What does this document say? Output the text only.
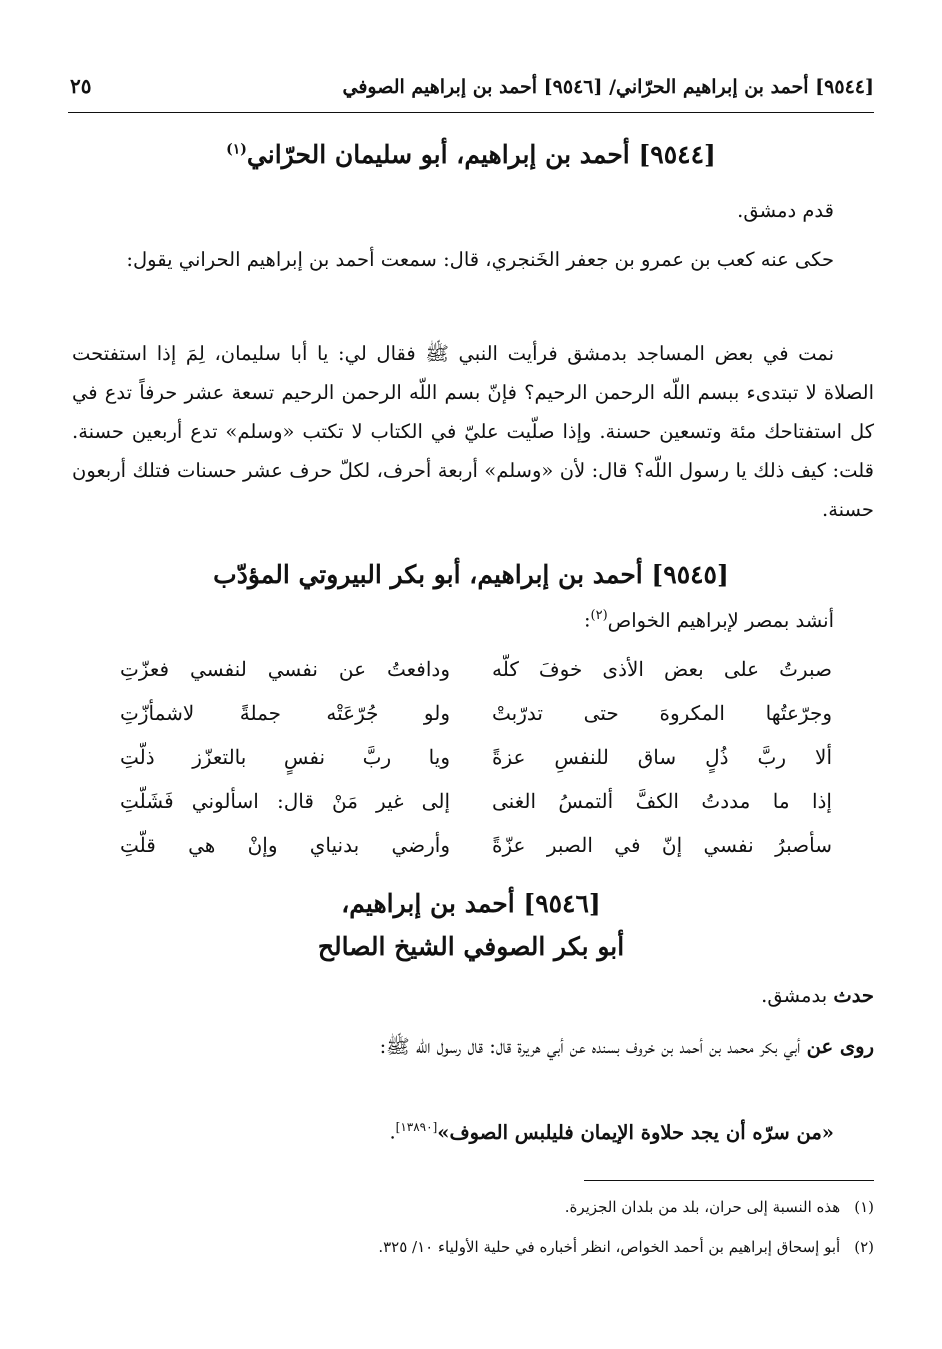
[٩٥٤٤] أحمد بن إبراهيم الحرّاني/ [٩٥٤٦] أحمد بن إبراهيم الصوفي
٢٥
[٩٥٤٤] أحمد بن إبراهيم، أبو سليمان الحرّاني$^{(١)}$
قدم دمشق.
حكى عنه كعب بن عمرو بن جعفر الخَنجري، قال: سمعت أحمد بن إبراهيم الحراني يقول:
نمت في بعض المساجد بدمشق فرأيت النبي ﷺ فقال لي: يا أبا سليمان، لِمَ إذا استفتحت الصلاة لا تبتدىء ببسم اللّه الرحمن الرحيم؟ فإنّ بسم اللّه الرحمن الرحيم تسعة عشر حرفاً تدع في كل استفتاحك مئة وتسعين حسنة. وإذا صلّيت عليّ في الكتاب لا تكتب «وسلم» تدع أربعين حسنة. قلت: كيف ذلك يا رسول اللّه؟ قال: لأن «وسلم» أربعة أحرف، لكلّ حرف عشر حسنات فتلك أربعون حسنة.
[٩٥٤٥] أحمد بن إبراهيم، أبو بكر البيروتي المؤدّب
أنشد بمصر لإبراهيم الخواص$^{(٢)}$:
صبرتُ على بعض الأذى خوفَ كلّه
ودافعتُ عن نفسي لنفسي فعزّتِ
وجرّعتُها المكروهَ حتى تدرّبتْ
ولو جُرّعَتْه جملةً لاشمأزّتِ
ألا ربَّ ذُلٍ ساق للنفسِ عزةً
ويا ربَّ نفسٍ بالتعزّز ذلّتِ
إذا ما مددتُ الكفَّ ألتمسُ الغنى
إلى غير مَنْ قال: اسألوني فَشَلّتِ
سأصبرُ نفسي إنّ في الصبر عزّةً
وأرضي بدنياي وإنْ هي قلّتِ
[٩٥٤٦] أحمد بن إبراهيم،
أبو بكر الصوفي الشيخ الصالح
حدث بدمشق.
روى عن أبي بكر محمد بن أحمد بن خروف بسنده عن أبي هريرة قال: قال رسول اللّه ﷺ:
«من سرّه أن يجد حلاوة الإيمان فليلبس الصوف»[١٣٨٩٠].
(١)هذه النسبة إلى حران، بلد من بلدان الجزيرة.
(٢)أبو إسحاق إبراهيم بن أحمد الخواص، انظر أخباره في حلية الأولياء ١٠/ ٣٢٥.
